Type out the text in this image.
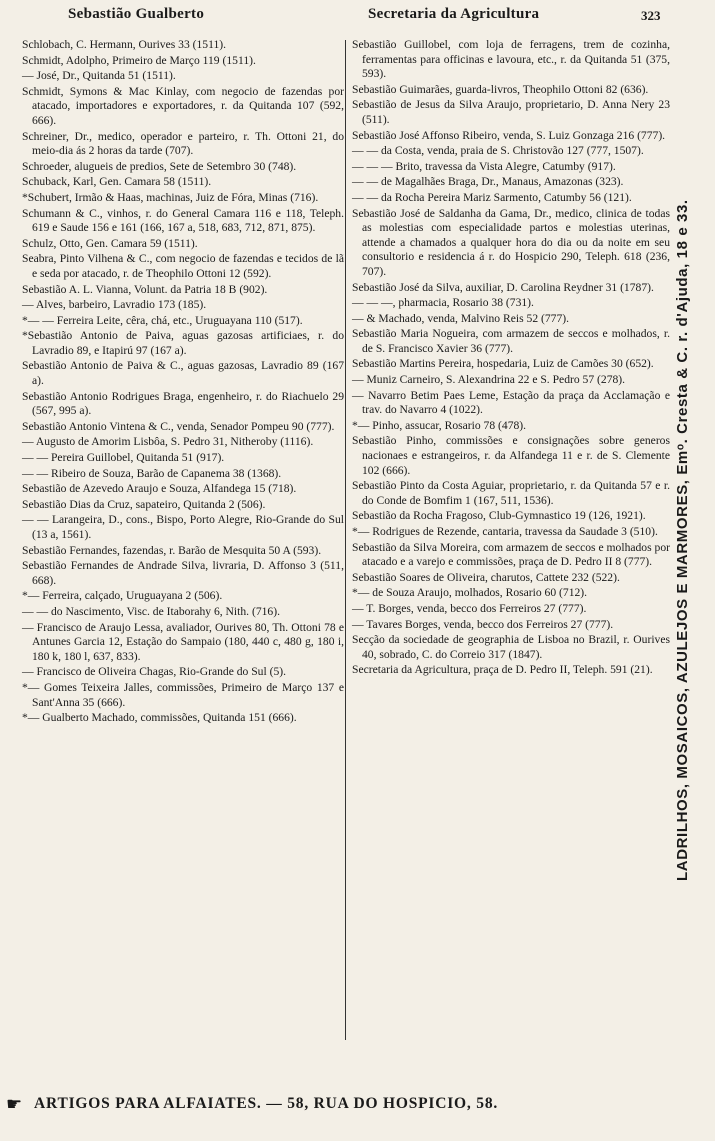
Sebastião Gualberto	Secretaria da Agricultura	323

Schlobach, C. Hermann, Ourives 33 (1511).

Schmidt, Adolpho, Primeiro de Março 119 (1511).

— José, Dr., Quitanda 51 (1511).

Schmidt, Symons & Mac Kinlay, com negocio de fazendas por atacado, importadores e exportadores, r. da Quitanda 107 (592, 666).

Schreiner, Dr., medico, operador e parteiro, r. Th. Ottoni 21, do meio-dia ás 2 horas da tarde (707).

Schroeder, alugueis de predios, Sete de Setembro 30 (748).

Schuback, Karl, Gen. Camara 58 (1511).

*Schubert, Irmão & Haas, machinas, Juiz de Fóra, Minas (716).

Schumann & C., vinhos, r. do General Camara 116 e 118, Teleph. 619 e Saude 156 e 161 (166, 167 a, 518, 683, 712, 871, 875).

Schulz, Otto, Gen. Camara 59 (1511).

Seabra, Pinto Vilhena & C., com negocio de fazendas e tecidos de lã e seda por atacado, r. de Theophilo Ottoni 12 (592).

Sebastião A. L. Vianna, Volunt. da Patria 18 B (902).

— Alves, barbeiro, Lavradio 173 (185).

*— — Ferreira Leite, cêra, chá, etc., Uruguayana 110 (517).

*Sebastião Antonio de Paiva, aguas gazosas artificiaes, r. do Lavradio 89, e Itapirú 97 (167 a).

Sebastião Antonio de Paiva & C., aguas gazosas, Lavradio 89 (167 a).

Sebastião Antonio Rodrigues Braga, engenheiro, r. do Riachuelo 29 (567, 995 a).

Sebastião Antonio Vintena & C., venda, Senador Pompeu 90 (777).

— Augusto de Amorim Lisbôa, S. Pedro 31, Nitheroby (1116).

— — Pereira Guillobel, Quitanda 51 (917).

— — Ribeiro de Souza, Barão de Capanema 38 (1368).

Sebastião de Azevedo Araujo e Souza, Alfandega 15 (718).

Sebastião Dias da Cruz, sapateiro, Quitanda 2 (506).

— — Larangeira, D., cons., Bispo, Porto Alegre, Rio-Grande do Sul (13 a, 1561).

Sebastião Fernandes, fazendas, r. Barão de Mesquita 50 A (593).

Sebastião Fernandes de Andrade Silva, livraria, D. Affonso 3 (511, 668).

*— Ferreira, calçado, Uruguayana 2 (506).

— — do Nascimento, Visc. de Itaborahy 6, Nith. (716).

— Francisco de Araujo Lessa, avaliador, Ourives 80, Th. Ottoni 78 e Antunes Garcia 12, Estação do Sampaio (180, 440 c, 480 g, 180 i, 180 k, 180 l, 637, 833).

— Francisco de Oliveira Chagas, Rio-Grande do Sul (5).

*— Gomes Teixeira Jalles, commissões, Primeiro de Março 137 e Sant'Anna 35 (666).

*— Gualberto Machado, commissões, Quitanda 151 (666).

Sebastião Guillobel, com loja de ferragens, trem de cozinha, ferramentas para officinas e lavoura, etc., r. da Quitanda 51 (375, 593).

Sebastião Guimarães, guarda-livros, Theophilo Ottoni 82 (636).

Sebastião de Jesus da Silva Araujo, proprietario, D. Anna Nery 23 (511).

Sebastião José Affonso Ribeiro, venda, S. Luiz Gonzaga 216 (777).

— — da Costa, venda, praia de S. Christovão 127 (777, 1507).

— — — Brito, travessa da Vista Alegre, Catumby (917).

— — de Magalhães Braga, Dr., Manaus, Amazonas (323).

— — da Rocha Pereira Mariz Sarmento, Catumby 56 (121).

Sebastião José de Saldanha da Gama, Dr., medico, clinica de todas as molestias com especialidade partos e molestias uterinas, attende a chamados a qualquer hora do dia ou da noite em seu consultorio e residencia á r. do Hospicio 290, Teleph. 618 (236, 707).

Sebastião José da Silva, auxiliar, D. Carolina Reydner 31 (1787).

— — —, pharmacia, Rosario 38 (731).

— & Machado, venda, Malvino Reis 52 (777).

Sebastião Maria Nogueira, com armazem de seccos e molhados, r. de S. Francisco Xavier 36 (777).

Sebastião Martins Pereira, hospedaria, Luiz de Camões 30 (652).

— Muniz Carneiro, S. Alexandrina 22 e S. Pedro 57 (278).

— Navarro Betim Paes Leme, Estação da praça da Acclamação e trav. do Navarro 4 (1022).

*— Pinho, assucar, Rosario 78 (478).

Sebastião Pinho, commissões e consignações sobre generos nacionaes e estrangeiros, r. da Alfandega 11 e r. de S. Clemente 102 (666).

Sebastião Pinto da Costa Aguiar, proprietario, r. da Quitanda 57 e r. do Conde de Bomfim 1 (167, 511, 1536).

Sebastião da Rocha Fragoso, Club-Gymnastico 19 (126, 1921).

*— Rodrigues de Rezende, cantaria, travessa da Saudade 3 (510).

Sebastião da Silva Moreira, com armazem de seccos e molhados por atacado e a varejo e commissões, praça de D. Pedro II 8 (777).

Sebastião Soares de Oliveira, charutos, Cattete 232 (522).

*— de Souza Araujo, molhados, Rosario 60 (712).

— T. Borges, venda, becco dos Ferreiros 27 (777).

— Tavares Borges, venda, becco dos Ferreiros 27 (777).

Secção da sociedade de geographia de Lisboa no Brazil, r. Ourives 40, sobrado, C. do Correio 317 (1847).

Secretaria da Agricultura, praça de D. Pedro II, Teleph. 591 (21).	LADRILHOS, MOSAICOS, AZULEJOS E MARMORES, Emᵒ. Cresta & C. r. d'Ajuda, 18 e 33.
☛ ARTIGOS PARA ALFAIATES. — 58, RUA DO HOSPICIO, 58.
